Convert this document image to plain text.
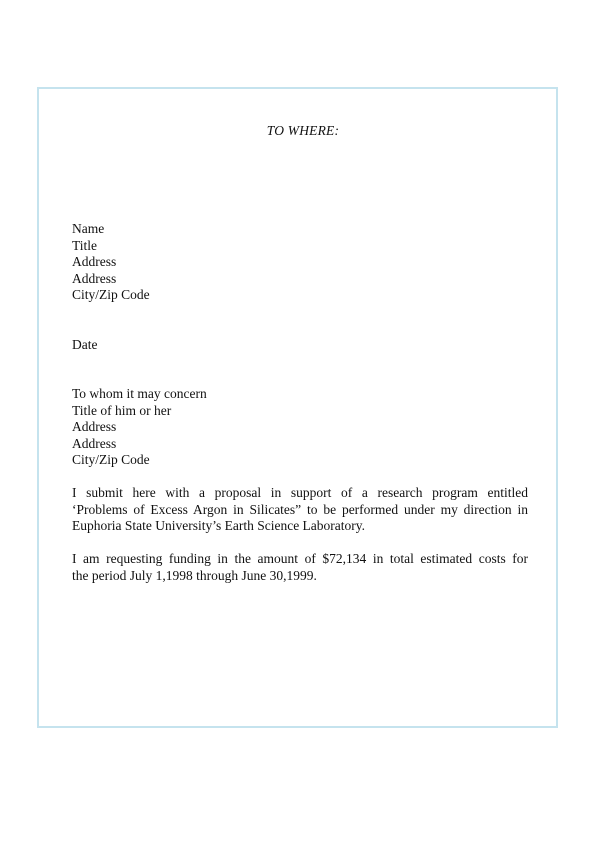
TO WHERE:
Name
Title
Address
Address
City/Zip Code
Date
To whom it may concern
Title of him or her
Address
Address
City/Zip Code
I submit here with a proposal in support of a research program entitled
‘Problems of Excess Argon in Silicates” to be performed under my direction in
Euphoria State University’s Earth Science Laboratory.
I am requesting funding in the amount of $72,134 in total estimated costs for
the period July 1,1998 through June 30,1999.
